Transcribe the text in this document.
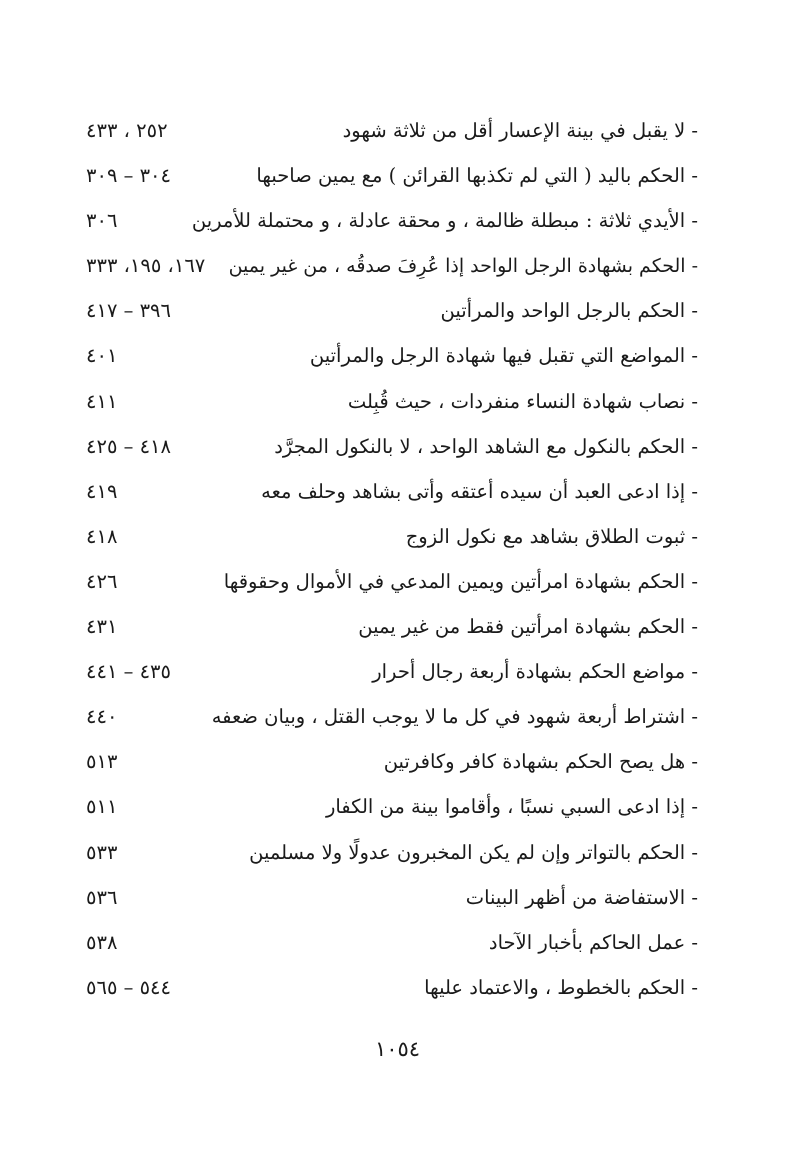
- لا يقبل في بينة الإعسار أقل من ثلاثة شهود
٢٥٢ ، ٤٣٣
- الحكم باليد ( التي لم تكذبها القرائن ) مع يمين صاحبها
٣٠٤ – ٣٠٩
- الأيدي ثلاثة : مبطلة ظالمة ، و محقة عادلة ، و محتملة للأمرين
٣٠٦
- الحكم بشهادة الرجل الواحد إذا عُرِفَ صدقُه ، من غير يمين
١٦٧، ١٩٥، ٣٣٣
- الحكم بالرجل الواحد والمرأتين
٣٩٦ – ٤١٧
- المواضع التي تقبل فيها شهادة الرجل والمرأتين
٤٠١
- نصاب شهادة النساء منفردات ، حيث قُبِلت
٤١١
- الحكم بالنكول مع الشاهد الواحد ، لا بالنكول المجرَّد
٤١٨ – ٤٢٥
- إذا ادعى العبد أن سيده أعتقه وأتى بشاهد وحلف معه
٤١٩
- ثبوت الطلاق بشاهد مع نكول الزوج
٤١٨
- الحكم بشهادة امرأتين ويمين المدعي في الأموال وحقوقها
٤٢٦
- الحكم بشهادة امرأتين فقط من غير يمين
٤٣١
- مواضع الحكم بشهادة أربعة رجال أحرار
٤٣٥ – ٤٤١
- اشتراط أربعة شهود في كل ما لا يوجب القتل ، وبيان ضعفه
٤٤٠
- هل يصح الحكم بشهادة كافر وكافرتين
٥١٣
- إذا ادعى السبي نسبًا ، وأقاموا بينة من الكفار
٥١١
- الحكم بالتواتر وإن لم يكن المخبرون عدولًا ولا مسلمين
٥٣٣
- الاستفاضة من أظهر البينات
٥٣٦
- عمل الحاكم بأخبار الآحاد
٥٣٨
- الحكم بالخطوط ، والاعتماد عليها
٥٤٤ – ٥٦٥
١٠٥٤
